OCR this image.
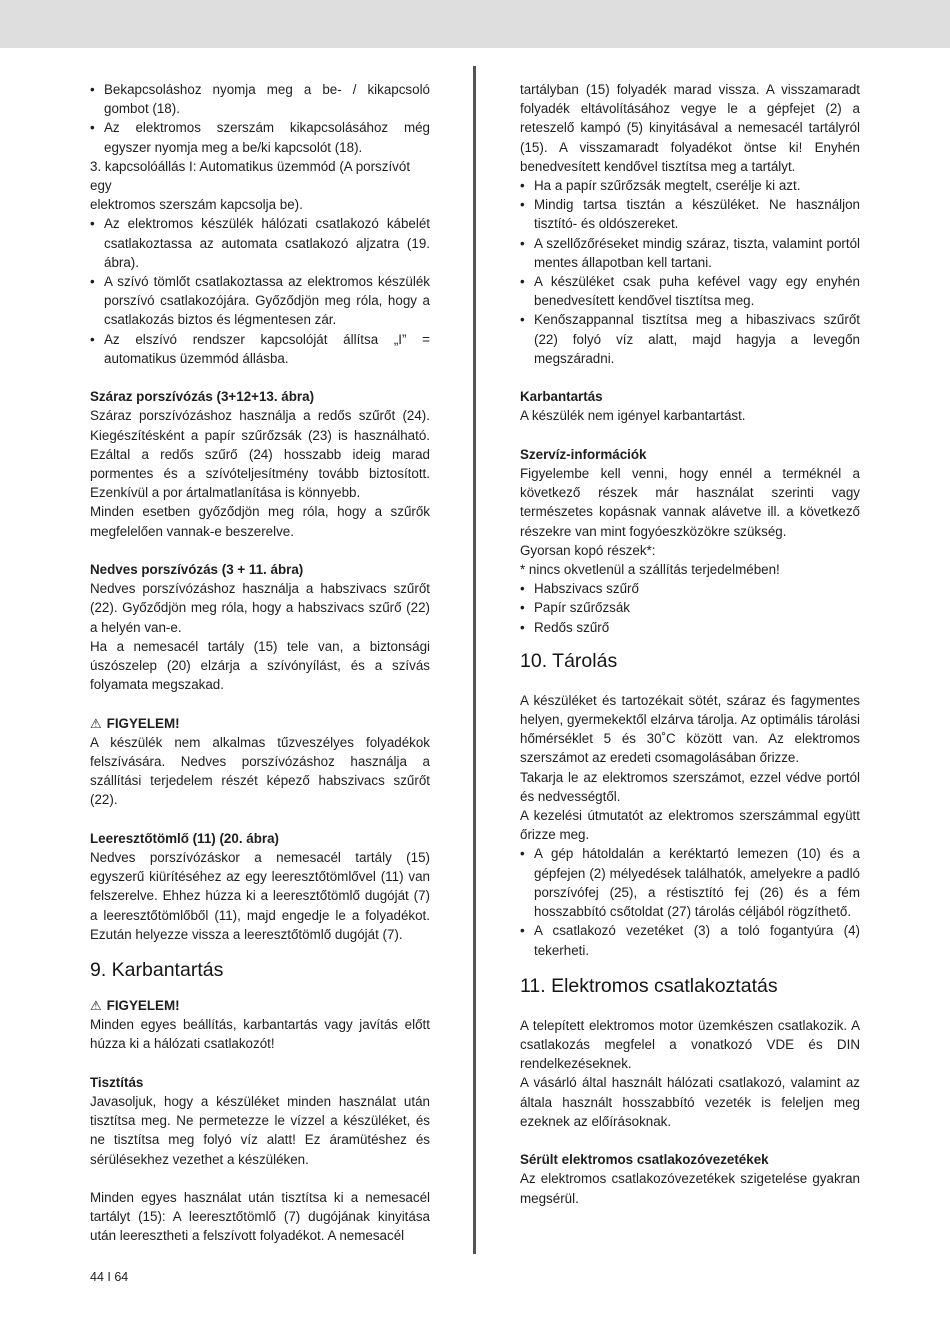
• Bekapcsoláshoz nyomja meg a be- / kikapcsoló gombot (18).
• Az elektromos szerszám kikapcsolásához még egyszer nyomja meg a be/ki kapcsolót (18).

3. kapcsolóállás I: Automatikus üzemmód (A porszívót egy

elektromos szerszám kapcsolja be).

• Az elektromos készülék hálózati csatlakozó kábelét csatlakoztassa az automata csatlakozó aljzatra (19. ábra).
• A szívó tömlőt csatlakoztassa az elektromos készülék porszívó csatlakozójára. Győződjön meg róla, hogy a csatlakozás biztos és légmentesen zár.
• Az elszívó rendszer kapcsolóját állítsa „I” = automatikus üzemmód állásba.

Száraz porszívózás (3+12+13. ábra)

Száraz porszívózáshoz használja a redős szűrőt (24). Kiegészítésként a papír szűrőzsák (23) is használható. Ezáltal a redős szűrő (24) hosszabb ideig marad pormentes és a szívóteljesítmény tovább biztosított. Ezenkívül a por ártalmatlanítása is könnyebb.

Minden esetben győződjön meg róla, hogy a szűrők megfelelően vannak-e beszerelve.

Nedves porszívózás (3 + 11. ábra)

Nedves porszívózáshoz használja a habszivacs szűrőt (22). Győződjön meg róla, hogy a habszivacs szűrő (22) a helyén van-e.

Ha a nemesacél tartály (15) tele van, a biztonsági úszószelep (20) elzárja a szívónyílást, és a szívás folyamata megszakad.

⚠ FIGYELEM!

A készülék nem alkalmas tűzveszélyes folyadékok felszívására. Nedves porszívózáshoz használja a szállítási terjedelem részét képező habszivacs szűrőt (22).

Leeresztőtömlő (11) (20. ábra)

Nedves porszívózáskor a nemesacél tartály (15) egyszerű kiürítéséhez az egy leeresztőtömlővel (11) van felszerelve. Ehhez húzza ki a leeresztőtömlő dugóját (7) a leeresztőtömlőből (11), majd engedje le a folyadékot. Ezután helyezze vissza a leeresztőtömlő dugóját (7).

9. Karbantartás
⚠ FIGYELEM!

Minden egyes beállítás, karbantartás vagy javítás előtt húzza ki a hálózati csatlakozót!

Tisztítás

Javasoljuk, hogy a készüléket minden használat után tisztítsa meg. Ne permetezze le vízzel a készüléket, és ne tisztítsa meg folyó víz alatt! Ez áramütéshez és sérülésekhez vezethet a készüléken.

Minden egyes használat után tisztítsa ki a nemesacél tartályt (15): A leeresztőtömlő (7) dugójának kinyitása után leeresztheti a felszívott folyadékot. A nemesacél

tartályban (15) folyadék marad vissza. A visszamaradt folyadék eltávolításához vegye le a gépfejet (2) a reteszelő kampó (5) kinyitásával a nemesacél tartályról (15). A visszamaradt folyadékot öntse ki! Enyhén benedvesített kendővel tisztítsa meg a tartályt.

• Ha a papír szűrőzsák megtelt, cserélje ki azt.
• Mindig tartsa tisztán a készüléket. Ne használjon tisztító- és oldószereket.
• A szellőzőréseket mindig száraz, tiszta, valamint portól mentes állapotban kell tartani.
• A készüléket csak puha kefével vagy egy enyhén benedvesített kendővel tisztítsa meg.
• Kenőszappannal tisztítsa meg a hibaszivacs szűrőt (22) folyó víz alatt, majd hagyja a levegőn megszáradni.

Karbantartás

A készülék nem igényel karbantartást.

Szervíz-információk

Figyelembe kell venni, hogy ennél a terméknél a következő részek már használat szerinti vagy természetes kopásnak vannak alávetve ill. a következő részekre van mint fogyóeszközökre szükség.

Gyorsan kopó részek*:

* nincs okvetlenül a szállítás terjedelmében!

• Habszivacs szűrő
• Papír szűrőzsák
• Redős szűrő
10. Tárolás

A készüléket és tartozékait sötét, száraz és fagymentes helyen, gyermekektől elzárva tárolja. Az optimális tárolási hőmérséklet 5 és 30˚C között van. Az elektromos szerszámot az eredeti csomagolásában őrizze.

Takarja le az elektromos szerszámot, ezzel védve portól és nedvességtől.

A kezelési útmutatót az elektromos szerszámmal együtt őrizze meg.

• A gép hátoldalán a keréktartó lemezen (10) és a gépfejen (2) mélyedések találhatók, amelyekre a padló porszívófej (25), a réstisztító fej (26) és a fém hosszabbító csőtoldat (27) tárolás céljából rögzíthető.
• A csatlakozó vezetéket (3) a toló fogantyúra (4) tekerheti.
11. Elektromos csatlakoztatás

A telepített elektromos motor üzemkészen csatlakozik. A csatlakozás megfelel a vonatkozó VDE és DIN rendelkezéseknek.

A vásárló által használt hálózati csatlakozó, valamint az általa használt hosszabbító vezeték is feleljen meg ezeknek az előírásoknak.

Sérült elektromos csatlakozóvezetékek

Az elektromos csatlakozóvezetékek szigetelése gyakran megsérül.

44 I 64
